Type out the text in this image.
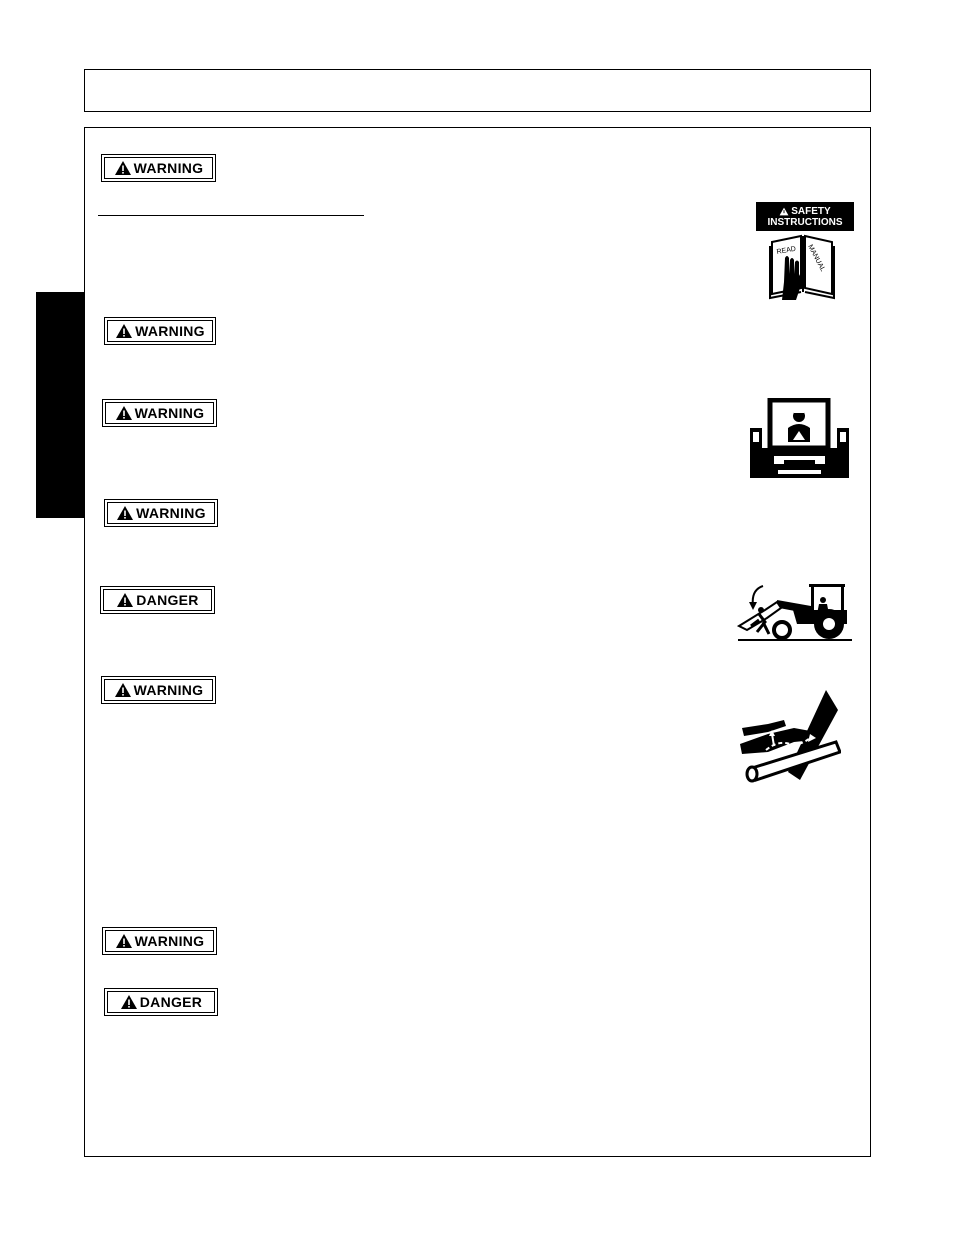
WARNING
WARNING
WARNING
WARNING
DANGER
WARNING
WARNING
DANGER
SAFETY
INSTRUCTIONS
READ MANUAL
